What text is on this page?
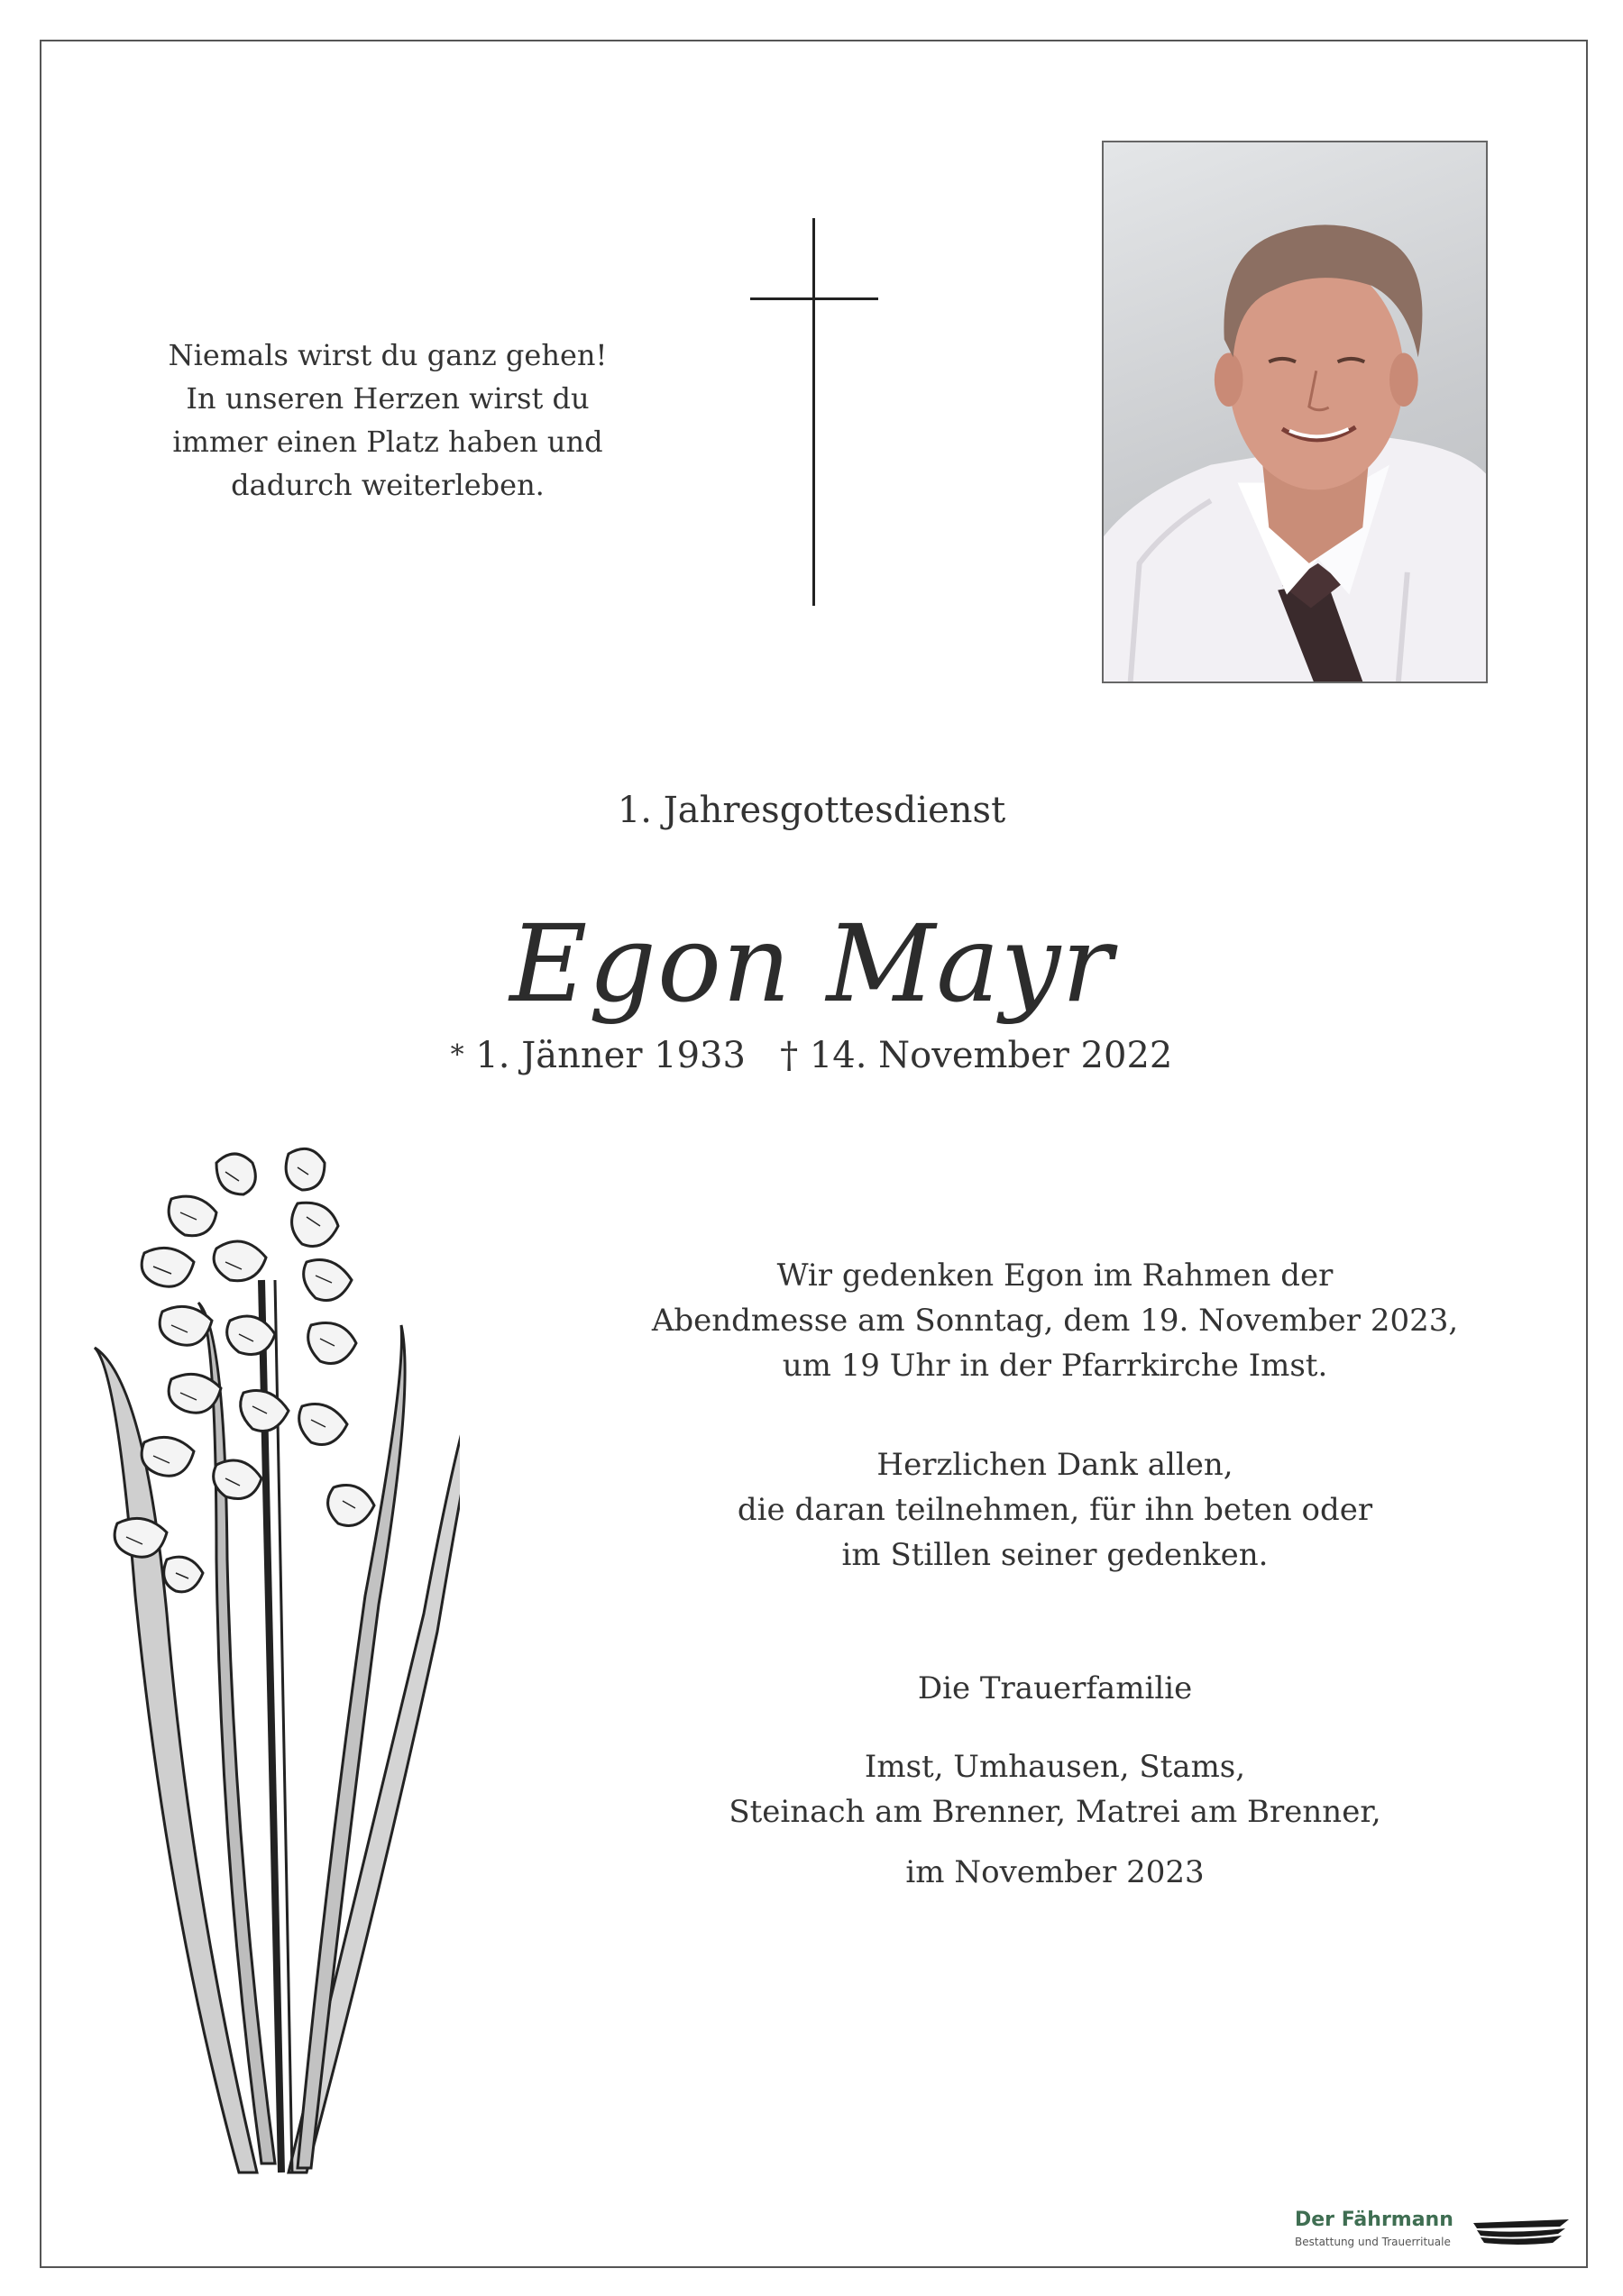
Niemals wirst du ganz gehen!
In unseren Herzen wirst du
immer einen Platz haben und
dadurch weiterleben.
1. Jahresgottesdienst
Egon Mayr
* 1. Jänner 1933 † 14. November 2022
Wir gedenken Egon im Rahmen der
Abendmesse am Sonntag, dem 19. November 2023,
um 19 Uhr in der Pfarrkirche Imst.
Herzlichen Dank allen,
die daran teilnehmen, für ihn beten oder
im Stillen seiner gedenken.
Die Trauerfamilie
Imst, Umhausen, Stams,
Steinach am Brenner, Matrei am Brenner,
im November 2023
Der Fährmann
Bestattung und Trauerrituale
